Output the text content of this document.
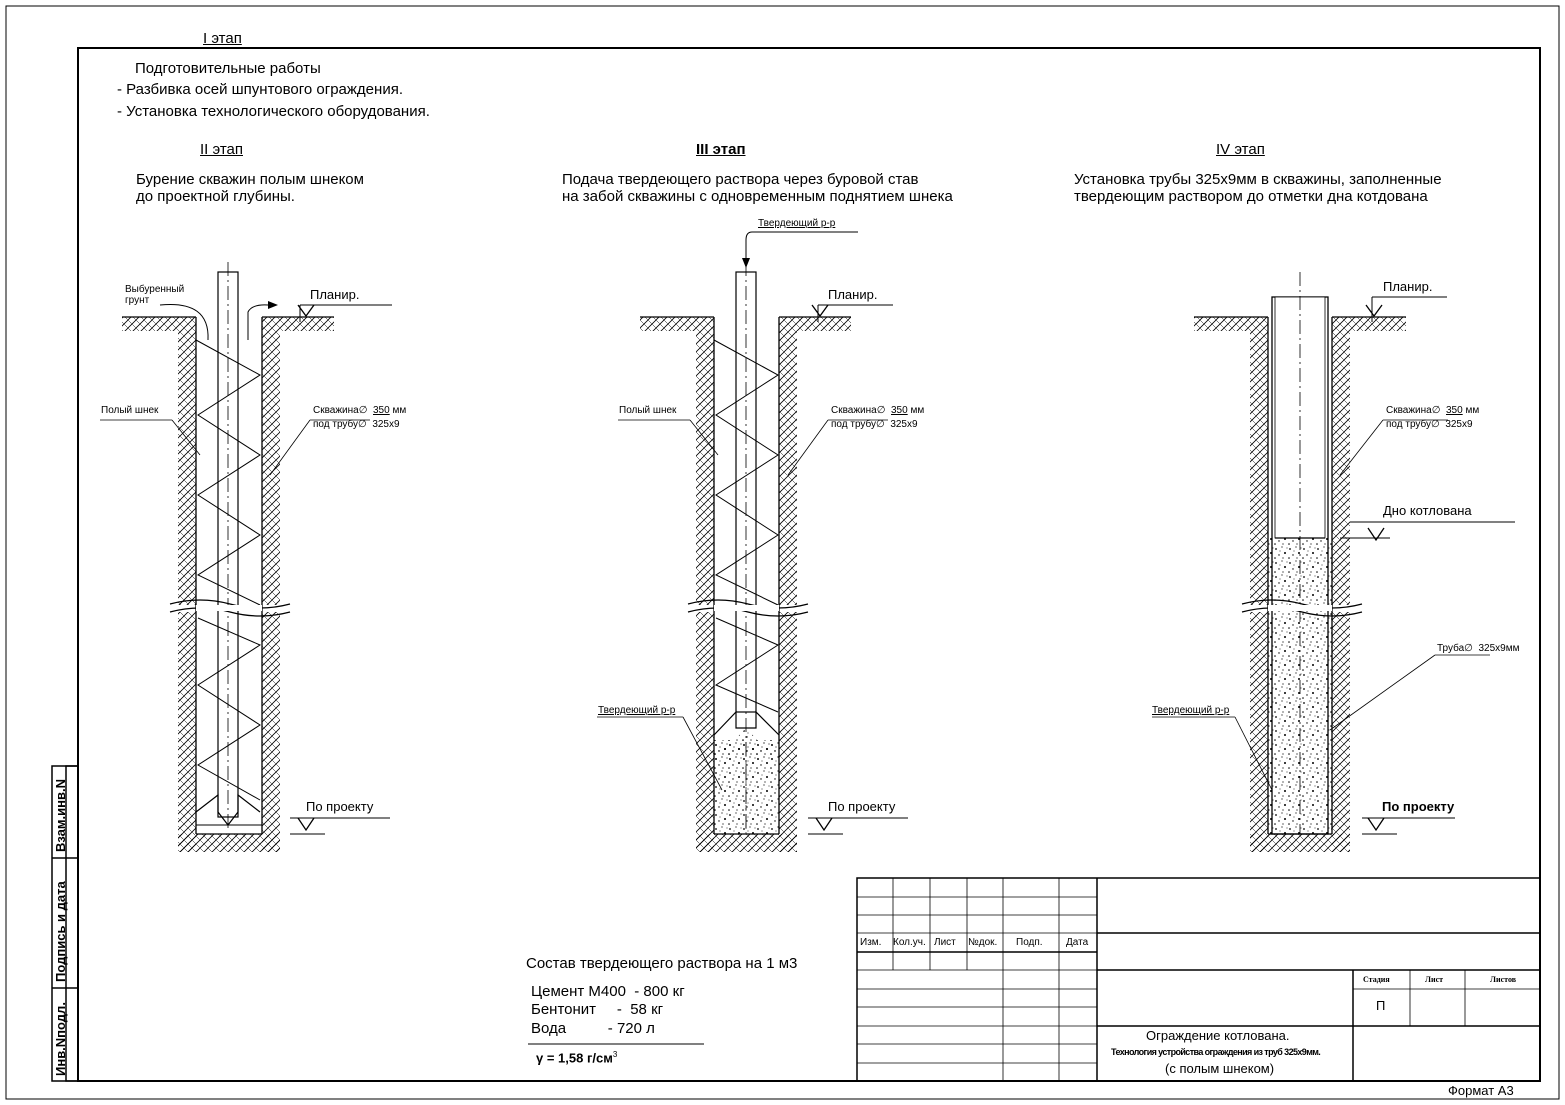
I этап
Подготовительные работы
- Разбивка осей шпунтового ограждения.
- Установка технологического оборудования.
II этап
Бурение скважин полым шнеком
до проектной глубины.
III этап
Подача твердеющего раствора через буровой став
на забой скважины с одновременным поднятием шнека
IV этап
Установка трубы 325х9мм в скважины, заполненные
твердеющим раствором до отметки дна котдована
Выбуренный
грунт	Планир.
Полый шнек	Скважина∅ 350 мм
под трубу∅ 325х9
По проекту
Твердеющий р-р
Планир.
Полый шнек	Скважина∅ 350 мм
под трубу∅ 325х9
Твердеющий р-р
По проекту
Планир.
Скважина∅ 350 мм
под трубу∅ 325х9
Дно котлована
Труба∅ 325х9мм
Твердеющий р-р
По проекту
Состав твердеющего раствора на 1 м3
Цемент М400  - 800 кг
Бентонит     -  58 кг
Вода          - 720 л
γ = 1,58 $г/см^3$
Изм. Кол.уч. Лист №док. Подп. Дата
Стадия	Лист	Листов
П
Ограждение котлована.
Технология устройства ограждения из труб 325х9мм.
(с полым шнеком)
Формат А3
Взам.инв.N
Подпись и дата
Инв.Nподл.
